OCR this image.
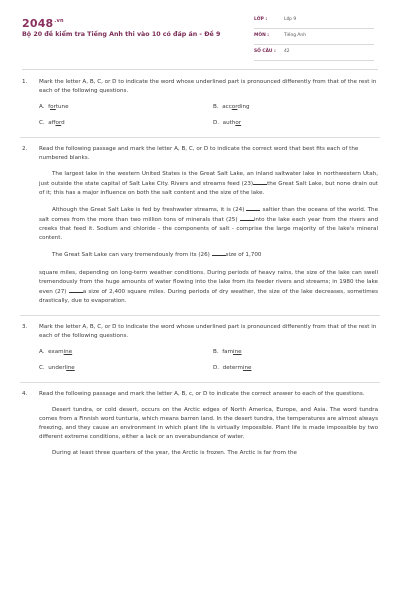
$2048^{.vn}$
Bộ 20 đề kiểm tra Tiếng Anh thi vào 10 có đáp án - Đề 9
LỚP :	Lớp 9
MÔN :	Tiếng Anh
SỐ CÂU : 42
1. Mark the letter A, B, C, or D to indicate the word whose underlined part is pronounced differently from that of the rest in each of the following questions.
A. fortune	B. according
C. afford	D. author
2. Read the following passage and mark the letter A, B, C, or D to indicate the correct word that best fits each of the numbered blanks.
The largest lake in the western United States is the Great Salt Lake, an inland saltwater lake in northwestern Utah, just outside the state capital of Salt Lake City. Rivers and streams feed (23)	the Great Salt Lake, but none drain out of it; this has a major influence on both the salt content and the size of the lake.
Although the Great Salt Lake is fed by freshwater streams, it is (24)	saltier than the oceans of the world. The salt comes from the more than two million tons of minerals that (25)	into the lake each year from the rivers and creeks that feed it. Sodium and chloride - the components of salt - comprise the large majority of the lake's mineral content.
The Great Salt Lake can vary tremendously from its (26)	size of 1,700
square miles, depending on long-term weather conditions. During periods of heavy rains, the size of the lake can swell tremendously from the huge amounts of water flowing into the lake from its feeder rivers and streams; in 1980 the lake even (27)	a size of 2,400 square miles. During periods of dry weather, the size of the lake decreases, sometimes drastically, due to evaporation.
3. Mark the letter A, B, C, or D to indicate the word whose underlined part is pronounced differently from that of the rest in each of the following questions.
A. examine	B. famine
C. underline	D. determine
4. Read the following passage and mark the letter A, B, c, or D to indicate the correct answer to each of the questions.
Desert tundra, or cold desert, occurs on the Arctic edges of North America, Europe, and Asia. The word tundra comes from a Finnish word tunturia, which means barren land. In the desert tundra, the temperatures are almost always freezing, and they cause an environment in which plant life is virtually impossible. Plant life is made impossible by two different extreme conditions, either a lack or an overabundance of water.
During at least three quarters of the year, the Arctic is frozen. The Arctic is far from the
